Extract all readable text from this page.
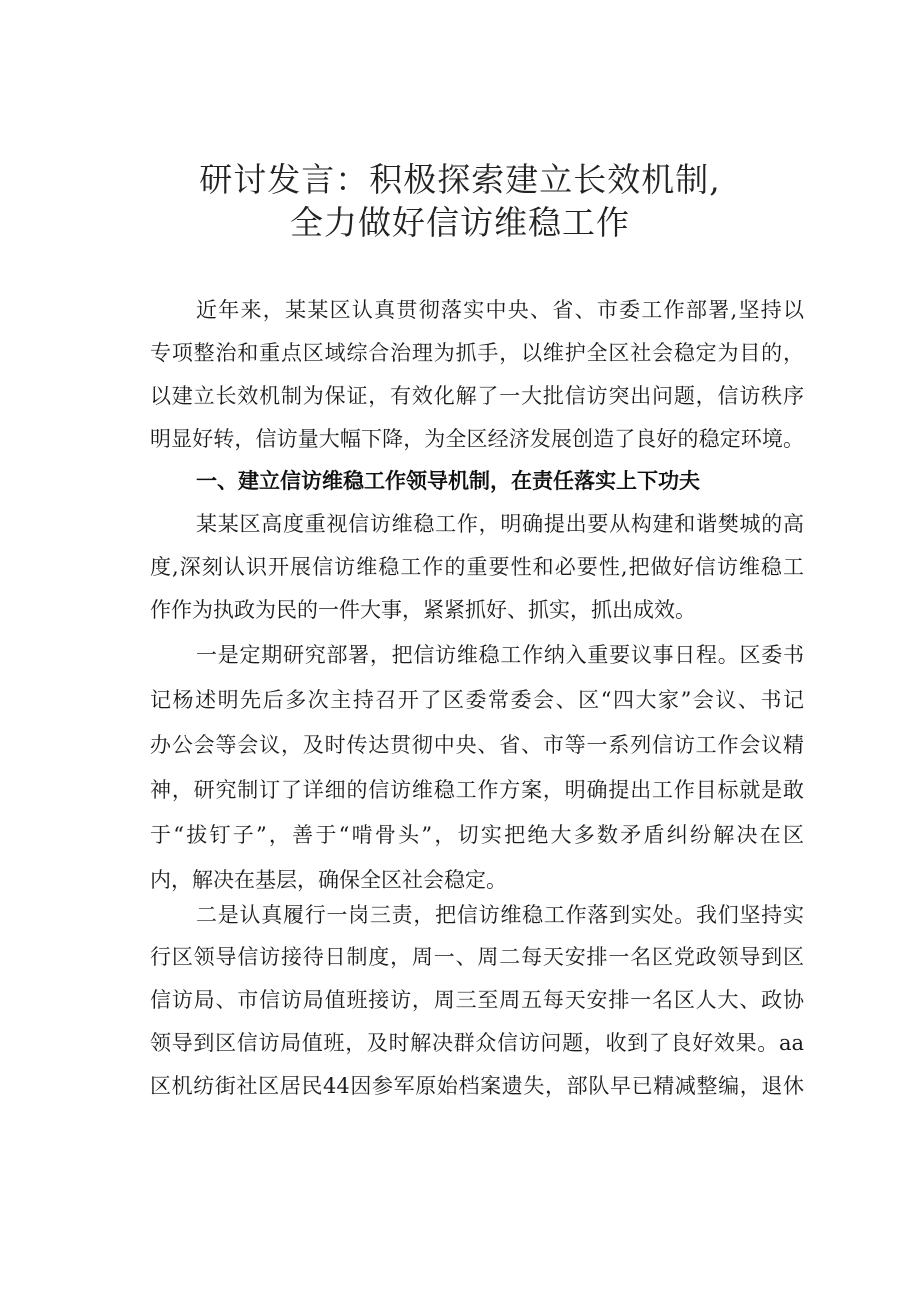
研讨发言：积极探索建立长效机制,
全力做好信访维稳工作
近年来，某某区认真贯彻落实中央、省、市委工作部署,坚持以
专项整治和重点区域综合治理为抓手，以维护全区社会稳定为目的，
以建立长效机制为保证，有效化解了一大批信访突出问题，信访秩序
明显好转，信访量大幅下降，为全区经济发展创造了良好的稳定环境。
一、建立信访维稳工作领导机制，在责任落实上下功夫
某某区高度重视信访维稳工作，明确提出要从构建和谐樊城的高
度,深刻认识开展信访维稳工作的重要性和必要性,把做好信访维稳工
作作为执政为民的一件大事，紧紧抓好、抓实，抓出成效。
一是定期研究部署，把信访维稳工作纳入重要议事日程。区委书
记杨述明先后多次主持召开了区委常委会、区“四大家”会议、书记
办公会等会议，及时传达贯彻中央、省、市等一系列信访工作会议精
神，研究制订了详细的信访维稳工作方案，明确提出工作目标就是敢
于“拔钉子”，善于“啃骨头”，切实把绝大多数矛盾纠纷解决在区
内，解决在基层，确保全区社会稳定。
二是认真履行一岗三责，把信访维稳工作落到实处。我们坚持实
行区领导信访接待日制度，周一、周二每天安排一名区党政领导到区
信访局、市信访局值班接访，周三至周五每天安排一名区人大、政协
领导到区信访局值班，及时解决群众信访问题，收到了良好效果。aa
区机纺街社区居民44因参军原始档案遗失，部队早已精减整编，退休
